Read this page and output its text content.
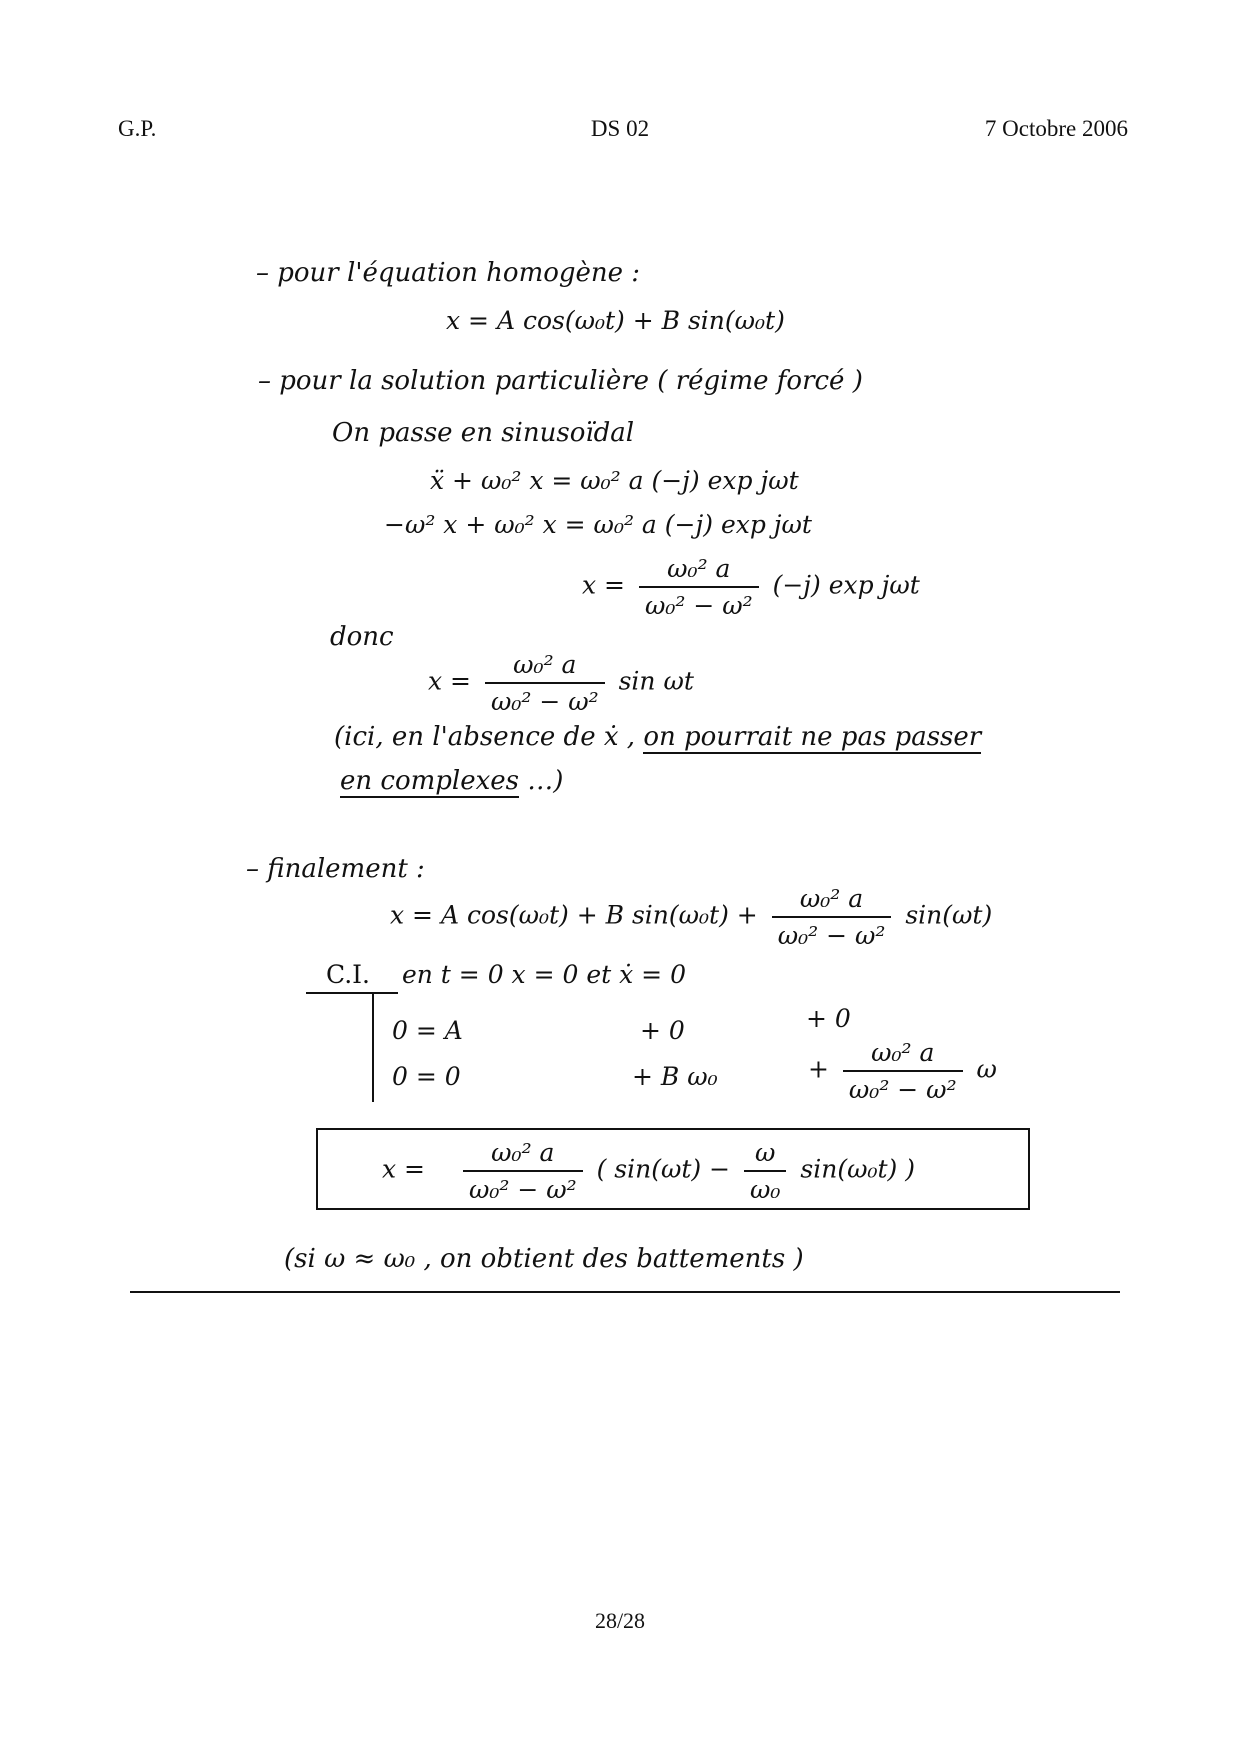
G.P.	DS 02	7 Octobre 2006
– pour l'équation homogène :
x = A cos(ω₀t) + B sin(ω₀t)
– pour la solution particulière ( régime forcé )
On passe en sinusoïdal
ẍ + ω₀² x = ω₀² a (−j) exp jωt
−ω² x + ω₀² x = ω₀² a (−j) exp jωt
$x = \frac{\text{ω₀² a}}{\text{ω₀² − ω²}} (-j)$ exp jωt
donc
$x = \frac{\text{ω₀² a}}{\text{ω₀² − ω²}}$ sin ωt
(ici, en l'absence de ẋ , on pourrait ne pas passer
en complexes …)
– finalement :
x = A cos(ω₀t) + B $\sin(\omega_0t) + \frac{\text{ω₀² a}}{\text{ω₀² − ω²}} \sin(\omega t)$
C.I. en t = 0 x = 0 et ẋ = 0
0 = A	+ 0	+ 0
0 = 0	+ B ω₀	+ $\frac{\text{ω₀² a}}{\text{ω₀² − ω²}}$ ω
$x = \frac{\text{ω₀² a}}{\text{ω₀² − ω²}}$ ( $\sin(\omega t) - \frac{\omega}{\text{ω₀}} \sin(\omega_0t)$ )
(si ω ≈ ω₀ , on obtient des battements )
28/28
